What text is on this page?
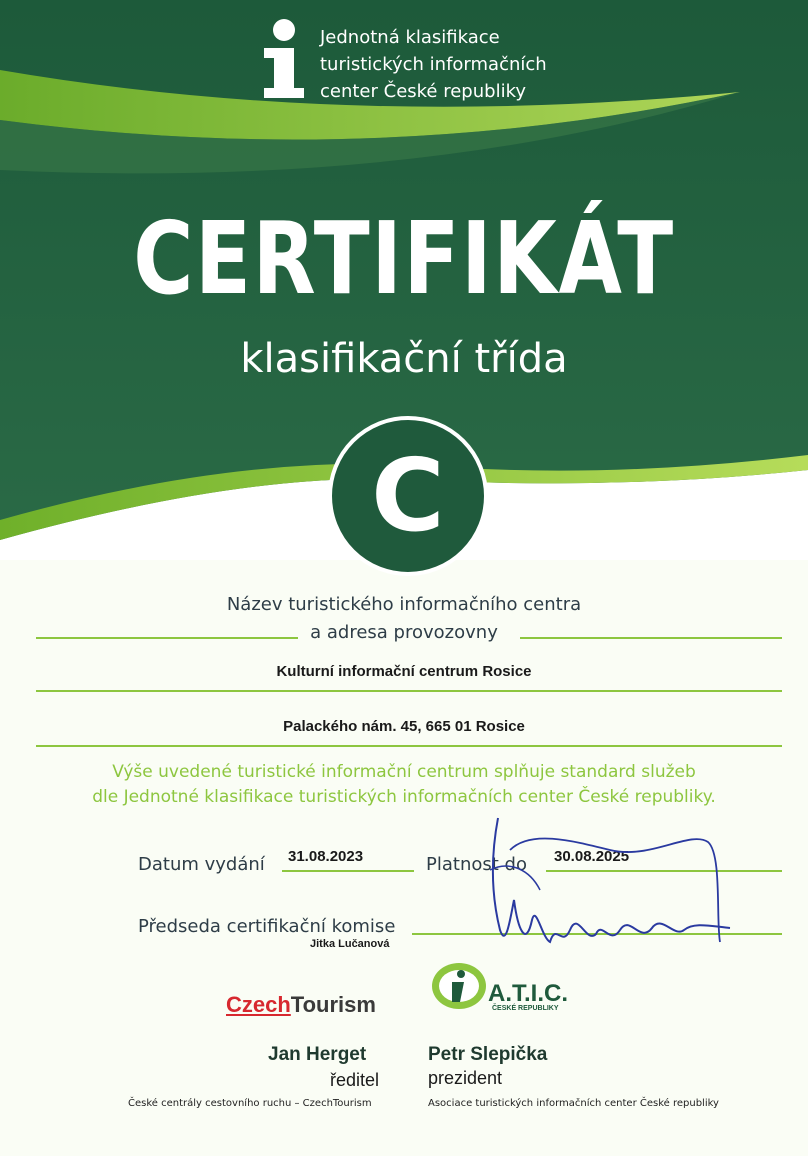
Jednotná klasifikace
turistických informačních
center České republiky
CERTIFIKÁT
klasifikační třída
C
Název turistického informačního centra
a adresa provozovny
Kulturní informační centrum Rosice
Palackého nám. 45, 665 01 Rosice
Výše uvedené turistické informační centrum splňuje standard služeb
dle Jednotné klasifikace turistických informačních center České republiky.
Datum vydání 31.08.2023	Platnost do 30.08.2025
Předseda certifikační komise
Jitka Lučanová
CzechTourism	A.T.I.C.
ČESKÉ REPUBLIKY
Jan Herget
ředitel
České centrály cestovního ruchu – CzechTourism
Petr Slepička
prezident
Asociace turistických informačních center České republiky
